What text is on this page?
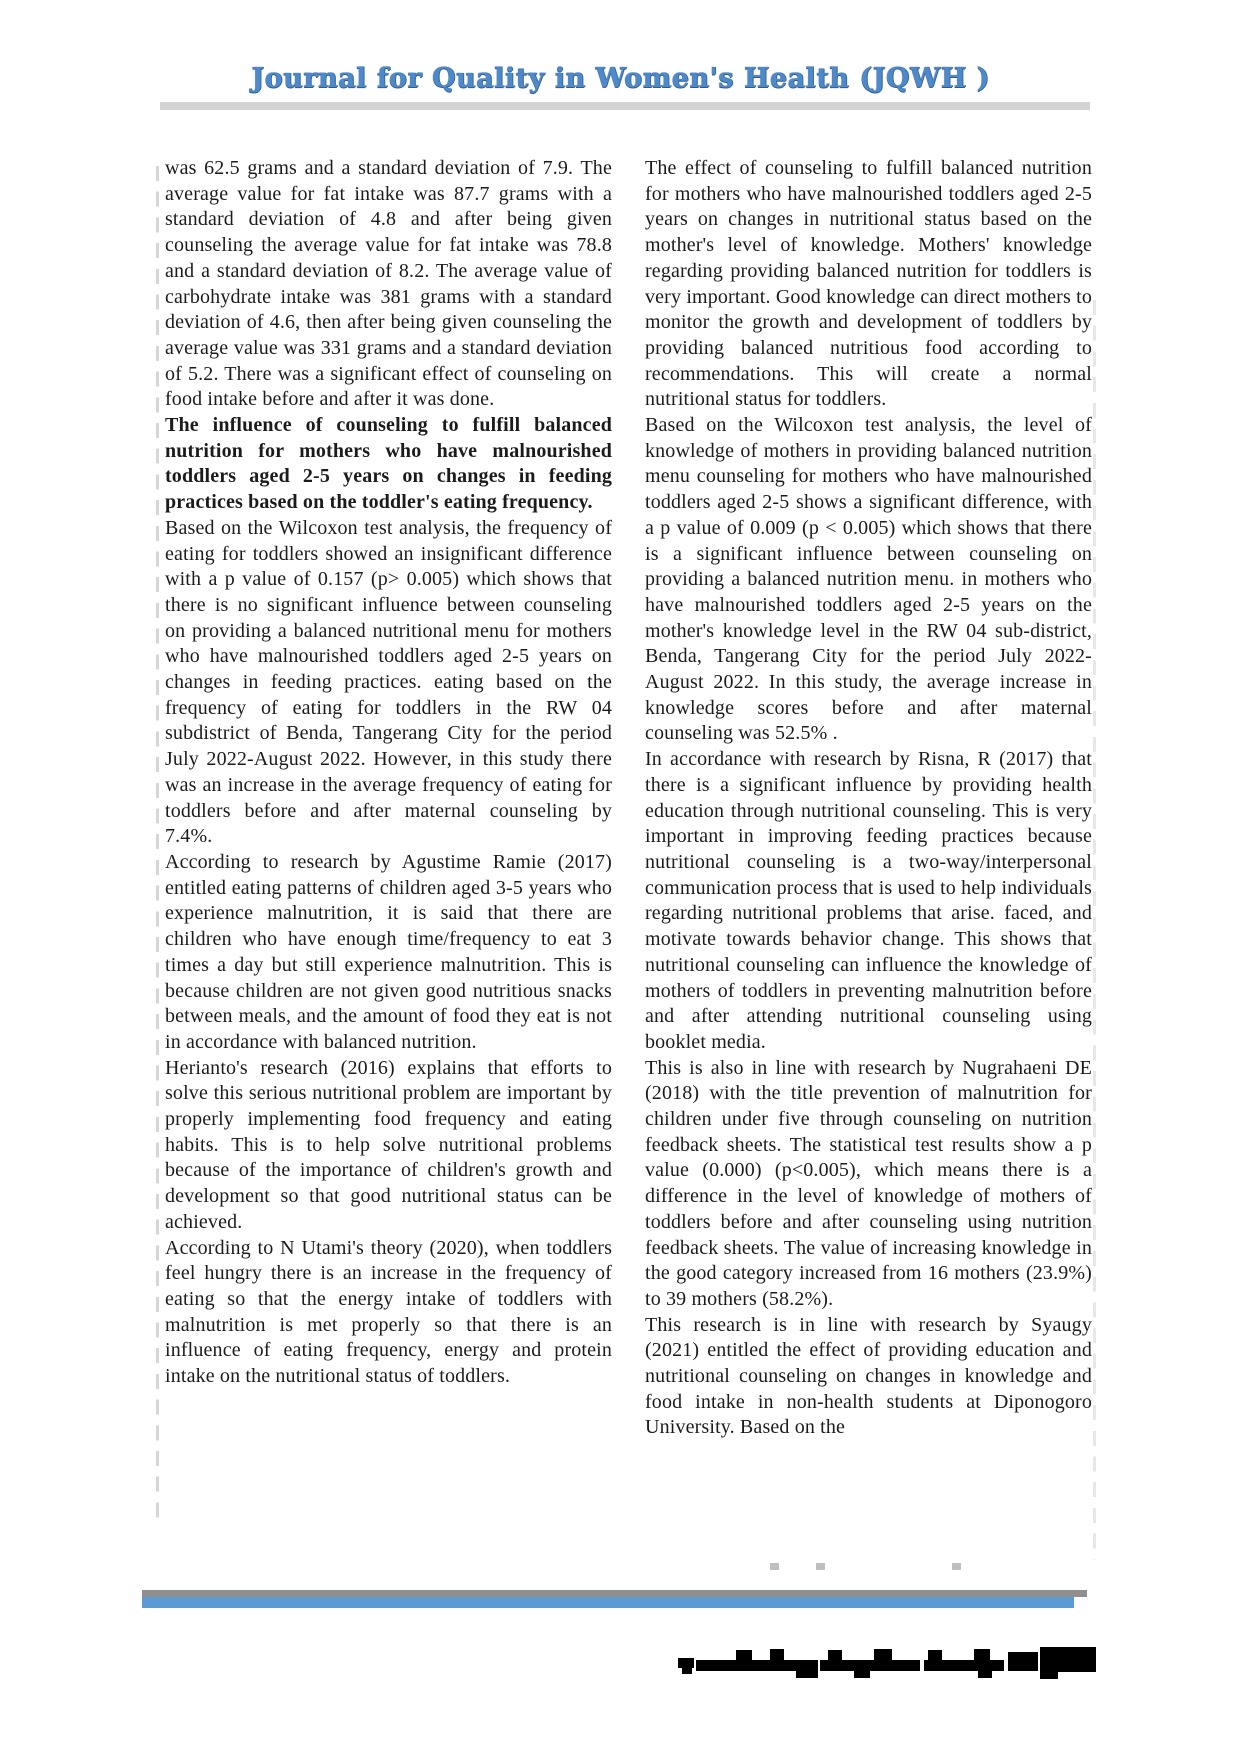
Journal for Quality in Women's Health (JQWH )

was 62.5 grams and a standard deviation of 7.9. The average value for fat intake was 87.7 grams with a standard deviation of 4.8 and after being given counseling the average value for fat intake was 78.8 and a standard deviation of 8.2. The average value of carbohydrate intake was 381 grams with a standard deviation of 4.6, then after being given counseling the average value was 331 grams and a standard deviation of 5.2. There was a significant effect of counseling on food intake before and after it was done.

The influence of counseling to fulfill balanced nutrition for mothers who have malnourished toddlers aged 2-5 years on changes in feeding practices based on the toddler's eating frequency.

Based on the Wilcoxon test analysis, the frequency of eating for toddlers showed an insignificant difference with a p value of 0.157 (p> 0.005) which shows that there is no significant influence between counseling on providing a balanced nutritional menu for mothers who have malnourished toddlers aged 2-5 years on changes in feeding practices. eating based on the frequency of eating for toddlers in the RW 04 subdistrict of Benda, Tangerang City for the period July 2022-August 2022. However, in this study there was an increase in the average frequency of eating for toddlers before and after maternal counseling by 7.4%.

According to research by Agustime Ramie (2017) entitled eating patterns of children aged 3-5 years who experience malnutrition, it is said that there are children who have enough time/frequency to eat 3 times a day but still experience malnutrition. This is because children are not given good nutritious snacks between meals, and the amount of food they eat is not in accordance with balanced nutrition.

Herianto's research (2016) explains that efforts to solve this serious nutritional problem are important by properly implementing food frequency and eating habits. This is to help solve nutritional problems because of the importance of children's growth and development so that good nutritional status can be achieved.

According to N Utami's theory (2020), when toddlers feel hungry there is an increase in the frequency of eating so that the energy intake of toddlers with malnutrition is met properly so that there is an influence of eating frequency, energy and protein intake on the nutritional status of toddlers.

The effect of counseling to fulfill balanced nutrition for mothers who have malnourished toddlers aged 2-5 years on changes in nutritional status based on the mother's level of knowledge. Mothers' knowledge regarding providing balanced nutrition for toddlers is very important. Good knowledge can direct mothers to monitor the growth and development of toddlers by providing balanced nutritious food according to recommendations. This will create a normal nutritional status for toddlers.

Based on the Wilcoxon test analysis, the level of knowledge of mothers in providing balanced nutrition menu counseling for mothers who have malnourished toddlers aged 2-5 shows a significant difference, with a p value of 0.009 (p < 0.005) which shows that there is a significant influence between counseling on providing a balanced nutrition menu. in mothers who have malnourished toddlers aged 2-5 years on the mother's knowledge level in the RW 04 sub-district, Benda, Tangerang City for the period July 2022-August 2022. In this study, the average increase in knowledge scores before and after maternal counseling was 52.5% .

In accordance with research by Risna, R (2017) that there is a significant influence by providing health education through nutritional counseling. This is very important in improving feeding practices because nutritional counseling is a two-way/interpersonal communication process that is used to help individuals regarding nutritional problems that arise. faced, and motivate towards behavior change. This shows that nutritional counseling can influence the knowledge of mothers of toddlers in preventing malnutrition before and after attending nutritional counseling using booklet media.

This is also in line with research by Nugrahaeni DE (2018) with the title prevention of malnutrition for children under five through counseling on nutrition feedback sheets. The statistical test results show a p value (0.000) (p<0.005), which means there is a difference in the level of knowledge of mothers of toddlers before and after counseling using nutrition feedback sheets. The value of increasing knowledge in the good category increased from 16 mothers (23.9%) to 39 mothers (58.2%).

This research is in line with research by Syaugy (2021) entitled the effect of providing education and nutritional counseling on changes in knowledge and food intake in non-health students at Diponogoro University. Based on the
